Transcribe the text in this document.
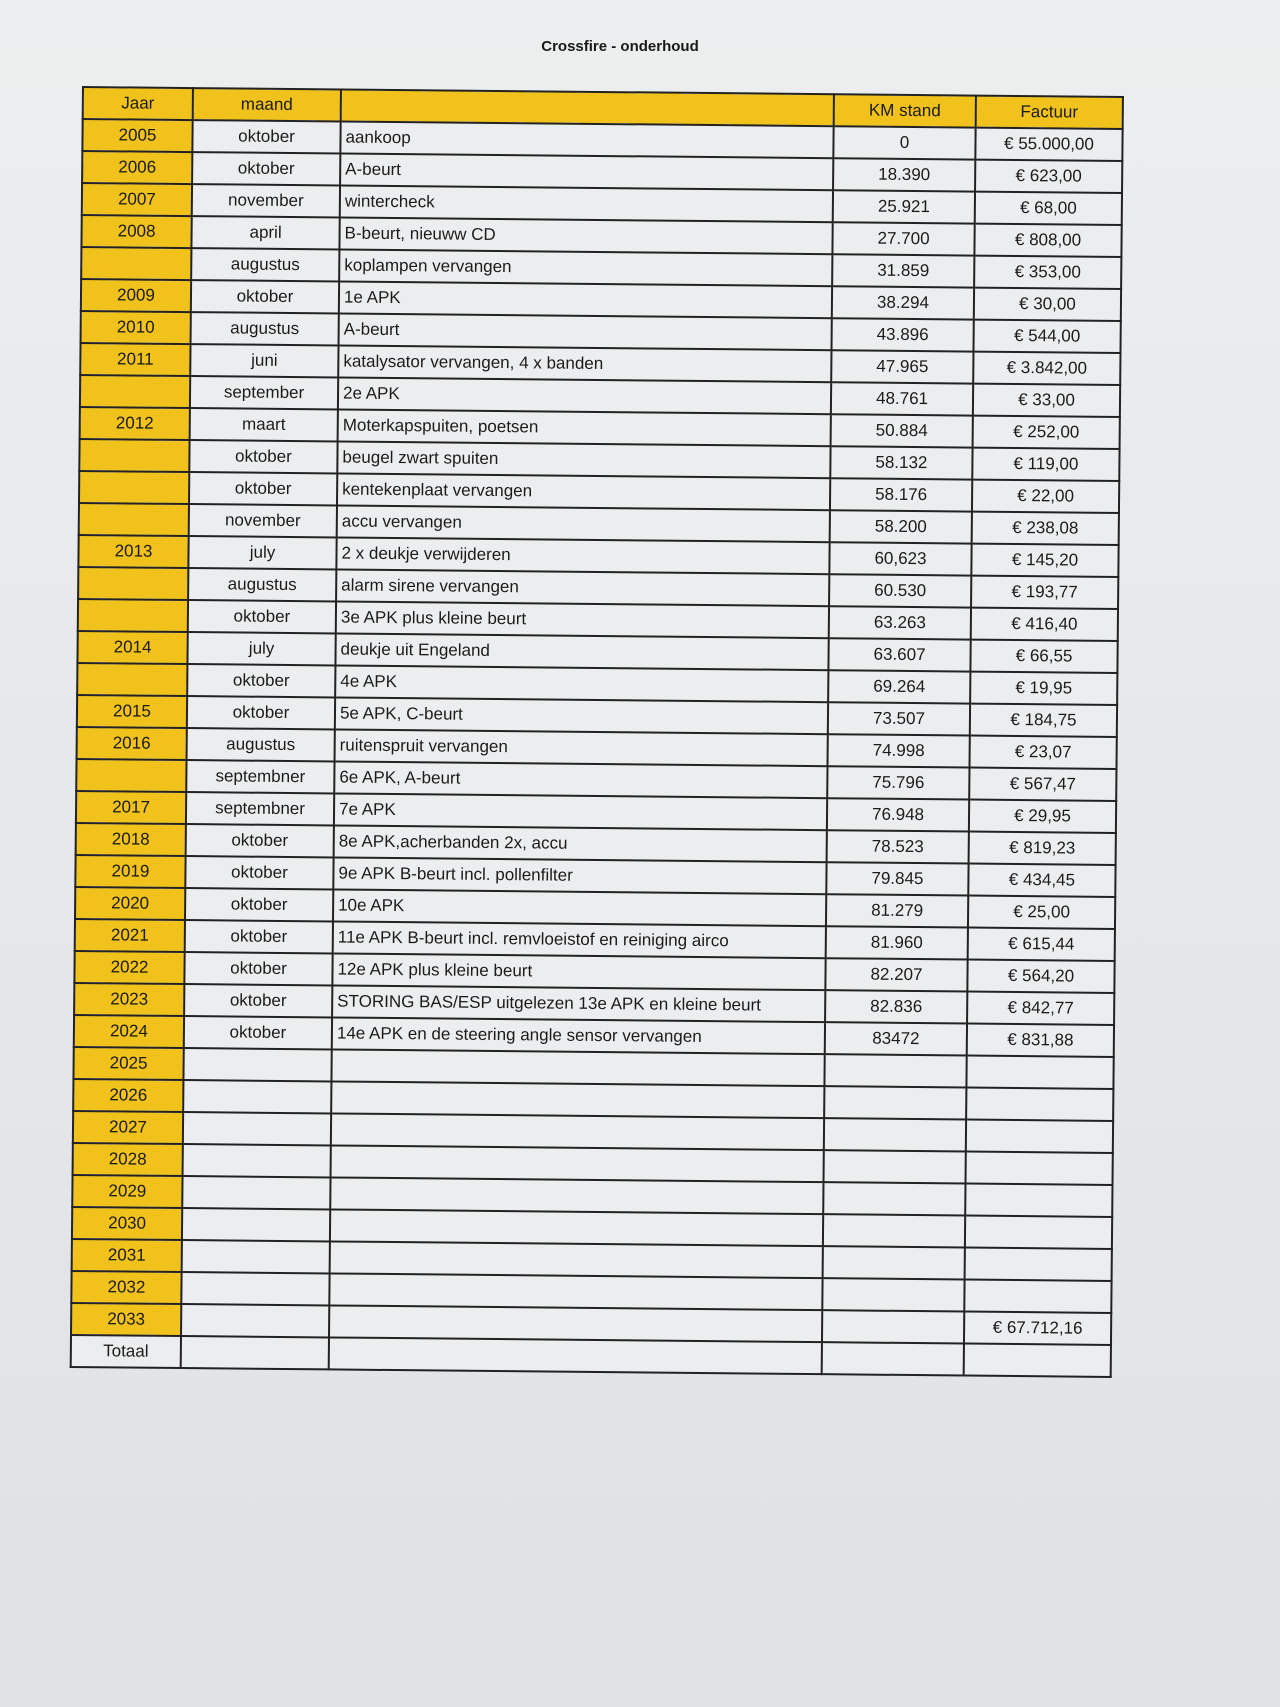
Crossfire - onderhoud
Jaar	maand		KM stand	Factuur
2005	oktober	aankoop	0	€ 55.000,00
2006	oktober	A-beurt	18.390	€ 623,00
2007	november	wintercheck	25.921	€ 68,00
2008	april	B-beurt, nieuww CD	27.700	€ 808,00
	augustus	koplampen vervangen	31.859	€ 353,00
2009	oktober	1e APK	38.294	€ 30,00
2010	augustus	A-beurt	43.896	€ 544,00
2011	juni	katalysator vervangen, 4 x banden	47.965	€ 3.842,00
	september	2e APK	48.761	€ 33,00
2012	maart	Moterkapspuiten, poetsen	50.884	€ 252,00
	oktober	beugel zwart spuiten	58.132	€ 119,00
	oktober	kentekenplaat vervangen	58.176	€ 22,00
	november	accu vervangen	58.200	€ 238,08
2013	july	2 x deukje verwijderen	60,623	€ 145,20
	augustus	alarm sirene vervangen	60.530	€ 193,77
	oktober	3e APK plus kleine beurt	63.263	€ 416,40
2014	july	deukje uit Engeland	63.607	€ 66,55
	oktober	4e APK	69.264	€ 19,95
2015	oktober	5e APK, C-beurt	73.507	€ 184,75
2016	augustus	ruitenspruit vervangen	74.998	€ 23,07
	septembner	6e APK, A-beurt	75.796	€ 567,47
2017	septembner	7e APK	76.948	€ 29,95
2018	oktober	8e APK,acherbanden 2x, accu	78.523	€ 819,23
2019	oktober	9e APK B-beurt incl. pollenfilter	79.845	€ 434,45
2020	oktober	10e APK	81.279	€ 25,00
2021	oktober	11e APK B-beurt incl. remvloeistof en reiniging airco	81.960	€ 615,44
2022	oktober	12e APK plus kleine beurt	82.207	€ 564,20
2023	oktober	STORING BAS/ESP uitgelezen 13e APK en kleine beurt	82.836	€ 842,77
2024	oktober	14e APK en de steering angle sensor vervangen	83472	€ 831,88
2025				
2026				
2027				
2028				
2029				
2030				
2031				
2032				
2033				€ 67.712,16
Totaal				
